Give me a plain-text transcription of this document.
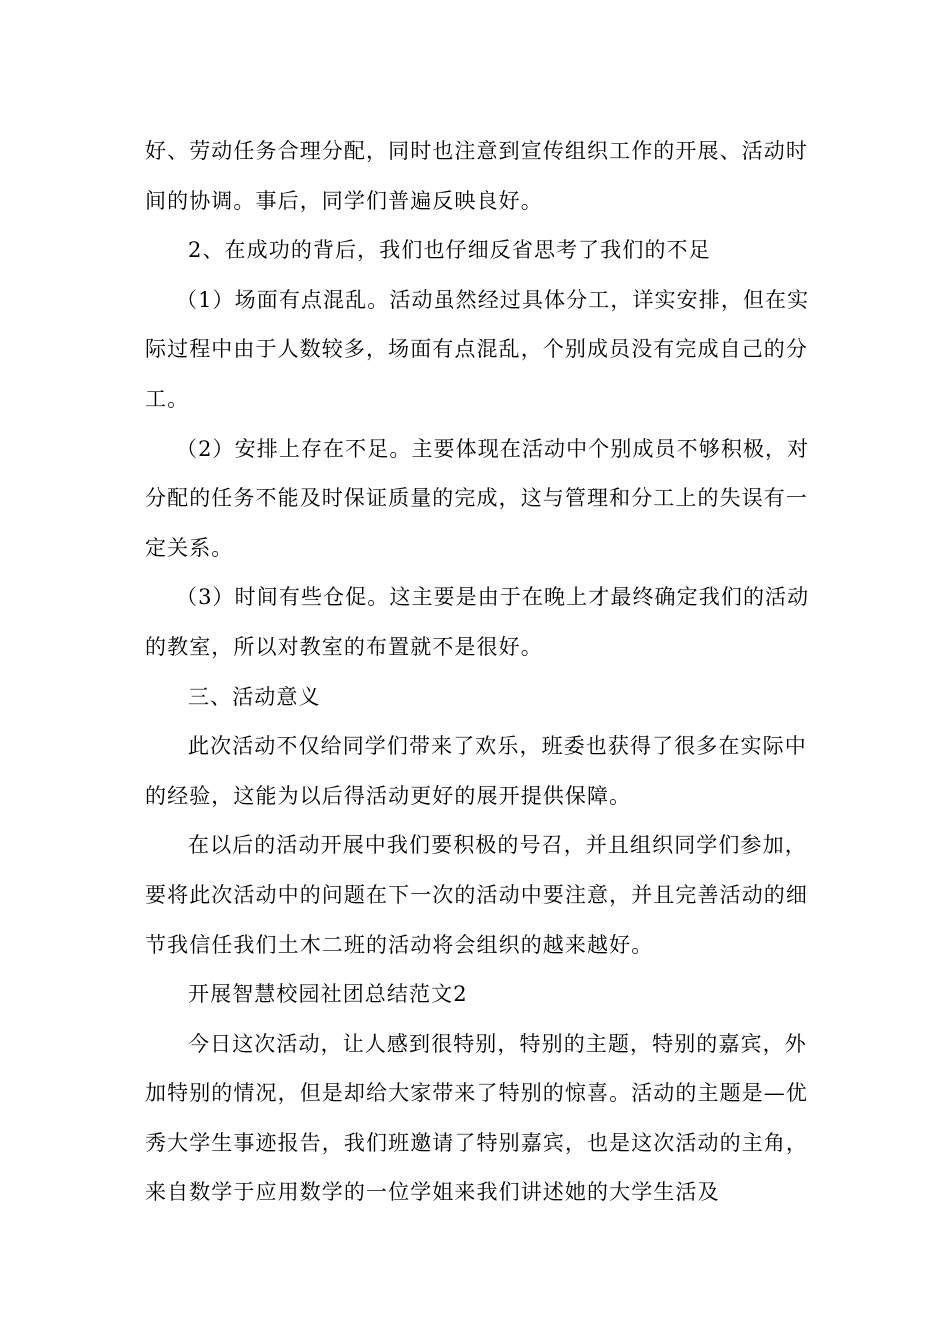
好、劳动任务合理分配，同时也注意到宣传组织工作的开展、活动时间的协调。事后，同学们普遍反映良好。

2、在成功的背后，我们也仔细反省思考了我们的不足

（1）场面有点混乱。活动虽然经过具体分工，详实安排，但在实际过程中由于人数较多，场面有点混乱，个别成员没有完成自己的分工。

（2）安排上存在不足。主要体现在活动中个别成员不够积极，对分配的任务不能及时保证质量的完成，这与管理和分工上的失误有一定关系。

（3）时间有些仓促。这主要是由于在晚上才最终确定我们的活动的教室，所以对教室的布置就不是很好。

三、活动意义

此次活动不仅给同学们带来了欢乐，班委也获得了很多在实际中的经验，这能为以后得活动更好的展开提供保障。

在以后的活动开展中我们要积极的号召，并且组织同学们参加，要将此次活动中的问题在下一次的活动中要注意，并且完善活动的细节我信任我们土木二班的活动将会组织的越来越好。

开展智慧校园社团总结范文2

今日这次活动，让人感到很特别，特别的主题，特别的嘉宾，外加特别的情况，但是却给大家带来了特别的惊喜。活动的主题是—优秀大学生事迹报告，我们班邀请了特别嘉宾，也是这次活动的主角，来自数学于应用数学的一位学姐来我们讲述她的大学生活及
